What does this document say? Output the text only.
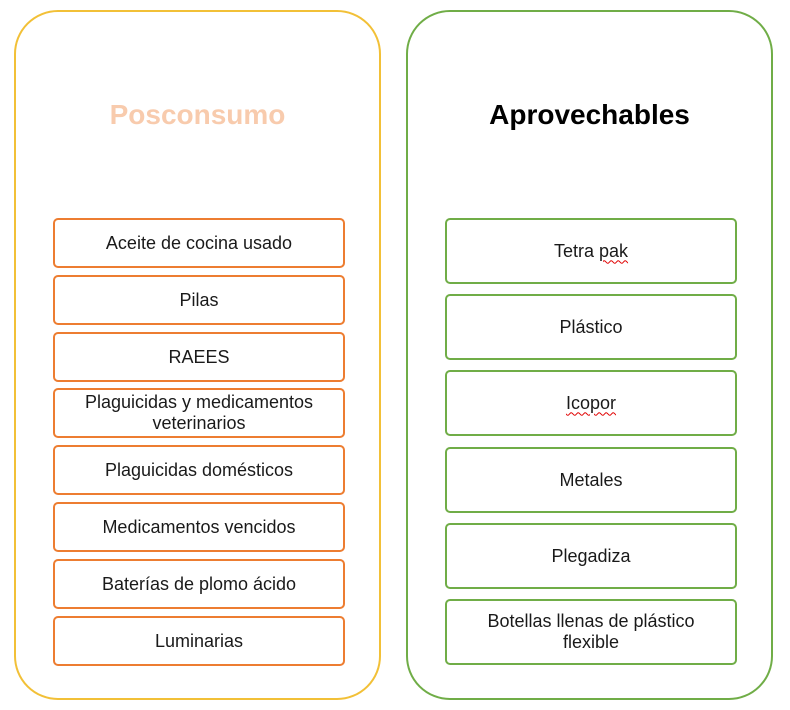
Posconsumo
Aceite de cocina usado
Pilas
RAEES
Plaguicidas y medicamentos veterinarios
Plaguicidas domésticos
Medicamentos vencidos
Baterías de plomo ácido
Luminarias
Aprovechables
Tetra pak
Plástico
Icopor
Metales
Plegadiza
Botellas llenas de plástico flexible
